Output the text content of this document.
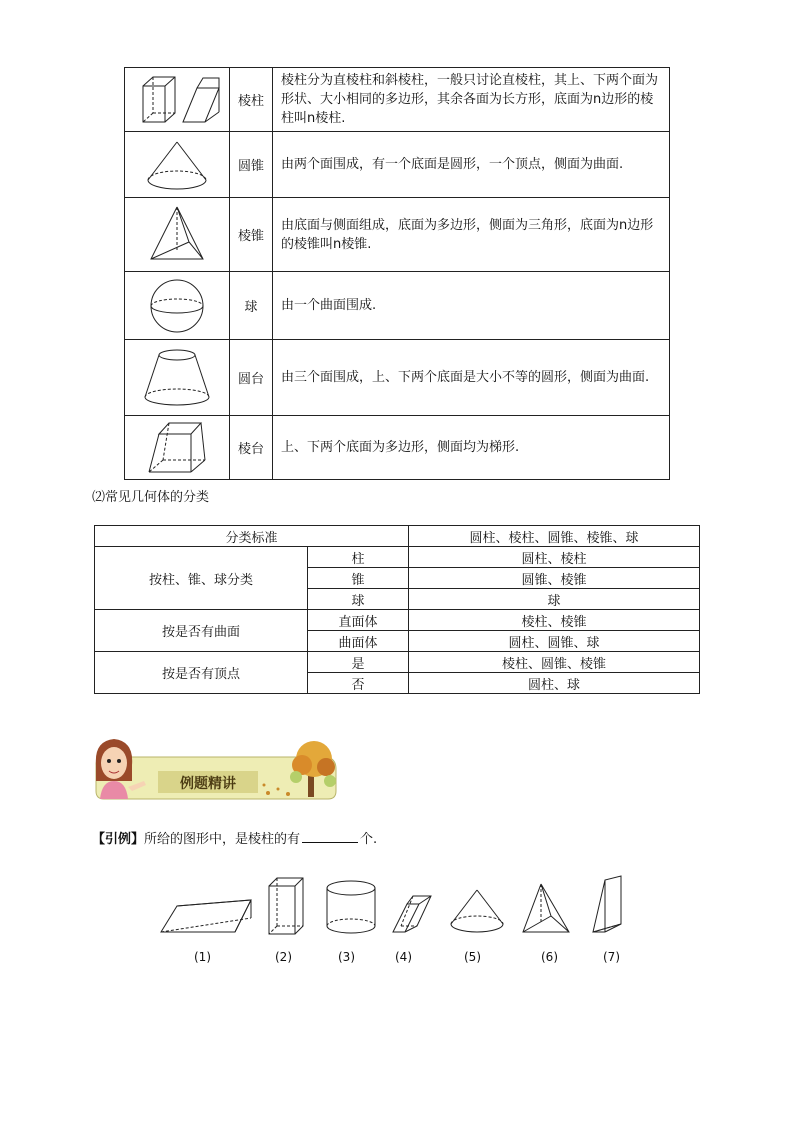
	棱柱	棱柱分为直棱柱和斜棱柱，一般只讨论直棱柱，其上、下两个面为形状、大小相同的多边形，其余各面为长方形，底面为n边形的棱柱叫n棱柱.

	圆锥	由两个面围成，有一个底面是圆形，一个顶点，侧面为曲面.

	棱锥	由底面与侧面组成，底面为多边形，侧面为三角形，底面为n边形的棱锥叫n棱锥.

	球	由一个曲面围成.

	圆台	由三个面围成，上、下两个底面是大小不等的圆形，侧面为曲面.

	棱台	上、下两个底面为多边形，侧面均为梯形.
⑵常见几何体的分类
分类标准		圆柱、棱柱、圆锥、棱锥、球
按柱、锥、球分类	柱	圆柱、棱柱
	锥	圆锥、棱锥
	球	球
按是否有曲面	直面体	棱柱、棱锥
	曲面体	圆柱、圆锥、球
按是否有顶点	是	棱柱、圆锥、棱锥
	否	圆柱、球
例题精讲
【引例】所给的图形中，是棱柱的有	个.
(1)	(2)	(3)	(4)	(5)	(6)	(7)
